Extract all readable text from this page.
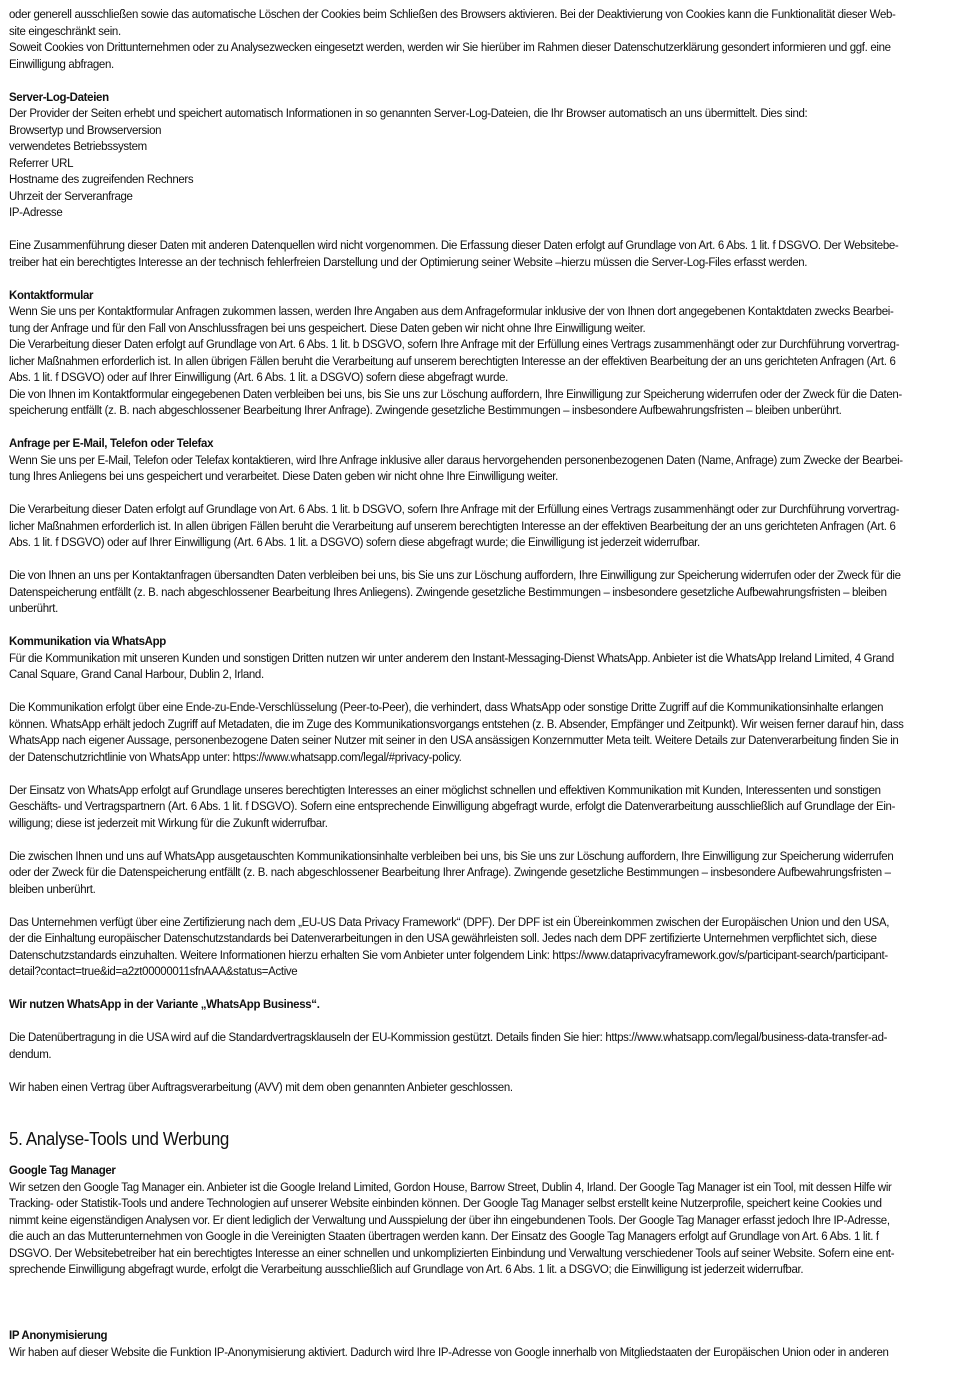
oder generell ausschließen sowie das automatische Löschen der Cookies beim Schließen des Browsers aktivieren. Bei der Deaktivierung von Cookies kann die Funktionalität dieser Web-
site eingeschränkt sein.

Soweit Cookies von Drittunternehmen oder zu Analysezwecken eingesetzt werden, werden wir Sie hierüber im Rahmen dieser Datenschutzerklärung gesondert informieren und ggf. eine
Einwilligung abfragen.

Server-Log-Dateien

Der Provider der Seiten erhebt und speichert automatisch Informationen in so genannten Server-Log-Dateien, die Ihr Browser automatisch an uns übermittelt. Dies sind:

Browsertyp und Browserversion

verwendetes Betriebssystem

Referrer URL

Hostname des zugreifenden Rechners

Uhrzeit der Serveranfrage

IP-Adresse

Eine Zusammenführung dieser Daten mit anderen Datenquellen wird nicht vorgenommen. Die Erfassung dieser Daten erfolgt auf Grundlage von Art. 6 Abs. 1 lit. f DSGVO. Der Websitebe-
treiber hat ein berechtigtes Interesse an der technisch fehlerfreien Darstellung und der Optimierung seiner Website –hierzu müssen die Server-Log-Files erfasst werden.

Kontaktformular

Wenn Sie uns per Kontaktformular Anfragen zukommen lassen, werden Ihre Angaben aus dem Anfrageformular inklusive der von Ihnen dort angegebenen Kontaktdaten zwecks Bearbei-
tung der Anfrage und für den Fall von Anschlussfragen bei uns gespeichert. Diese Daten geben wir nicht ohne Ihre Einwilligung weiter.

Die Verarbeitung dieser Daten erfolgt auf Grundlage von Art. 6 Abs. 1 lit. b DSGVO, sofern Ihre Anfrage mit der Erfüllung eines Vertrags zusammenhängt oder zur Durchführung vorvertrag-
licher Maßnahmen erforderlich ist. In allen übrigen Fällen beruht die Verarbeitung auf unserem berechtigten Interesse an der effektiven Bearbeitung der an uns gerichteten Anfragen (Art. 6
Abs. 1 lit. f DSGVO) oder auf Ihrer Einwilligung (Art. 6 Abs. 1 lit. a DSGVO) sofern diese abgefragt wurde.

Die von Ihnen im Kontaktformular eingegebenen Daten verbleiben bei uns, bis Sie uns zur Löschung auffordern, Ihre Einwilligung zur Speicherung widerrufen oder der Zweck für die Daten-
speicherung entfällt (z. B. nach abgeschlossener Bearbeitung Ihrer Anfrage). Zwingende gesetzliche Bestimmungen – insbesondere Aufbewahrungsfristen – bleiben unberührt.

Anfrage per E-Mail, Telefon oder Telefax

Wenn Sie uns per E-Mail, Telefon oder Telefax kontaktieren, wird Ihre Anfrage inklusive aller daraus hervorgehenden personenbezogenen Daten (Name, Anfrage) zum Zwecke der Bearbei-
tung Ihres Anliegens bei uns gespeichert und verarbeitet. Diese Daten geben wir nicht ohne Ihre Einwilligung weiter.

Die Verarbeitung dieser Daten erfolgt auf Grundlage von Art. 6 Abs. 1 lit. b DSGVO, sofern Ihre Anfrage mit der Erfüllung eines Vertrags zusammenhängt oder zur Durchführung vorvertrag-
licher Maßnahmen erforderlich ist. In allen übrigen Fällen beruht die Verarbeitung auf unserem berechtigten Interesse an der effektiven Bearbeitung der an uns gerichteten Anfragen (Art. 6
Abs. 1 lit. f DSGVO) oder auf Ihrer Einwilligung (Art. 6 Abs. 1 lit. a DSGVO) sofern diese abgefragt wurde; die Einwilligung ist jederzeit widerrufbar.

Die von Ihnen an uns per Kontaktanfragen übersandten Daten verbleiben bei uns, bis Sie uns zur Löschung auffordern, Ihre Einwilligung zur Speicherung widerrufen oder der Zweck für die
Datenspeicherung entfällt (z. B. nach abgeschlossener Bearbeitung Ihres Anliegens). Zwingende gesetzliche Bestimmungen – insbesondere gesetzliche Aufbewahrungsfristen – bleiben
unberührt.

Kommunikation via WhatsApp

Für die Kommunikation mit unseren Kunden und sonstigen Dritten nutzen wir unter anderem den Instant-Messaging-Dienst WhatsApp. Anbieter ist die WhatsApp Ireland Limited, 4 Grand
Canal Square, Grand Canal Harbour, Dublin 2, Irland.

Die Kommunikation erfolgt über eine Ende-zu-Ende-Verschlüsselung (Peer-to-Peer), die verhindert, dass WhatsApp oder sonstige Dritte Zugriff auf die Kommunikationsinhalte erlangen
können. WhatsApp erhält jedoch Zugriff auf Metadaten, die im Zuge des Kommunikationsvorgangs entstehen (z. B. Absender, Empfänger und Zeitpunkt). Wir weisen ferner darauf hin, dass
WhatsApp nach eigener Aussage, personenbezogene Daten seiner Nutzer mit seiner in den USA ansässigen Konzernmutter Meta teilt. Weitere Details zur Datenverarbeitung finden Sie in
der Datenschutzrichtlinie von WhatsApp unter: https://www.whatsapp.com/legal/#privacy-policy.

Der Einsatz von WhatsApp erfolgt auf Grundlage unseres berechtigten Interesses an einer möglichst schnellen und effektiven Kommunikation mit Kunden, Interessenten und sonstigen
Geschäfts- und Vertragspartnern (Art. 6 Abs. 1 lit. f DSGVO). Sofern eine entsprechende Einwilligung abgefragt wurde, erfolgt die Datenverarbeitung ausschließlich auf Grundlage der Ein-
willigung; diese ist jederzeit mit Wirkung für die Zukunft widerrufbar.

Die zwischen Ihnen und uns auf WhatsApp ausgetauschten Kommunikationsinhalte verbleiben bei uns, bis Sie uns zur Löschung auffordern, Ihre Einwilligung zur Speicherung widerrufen
oder der Zweck für die Datenspeicherung entfällt (z. B. nach abgeschlossener Bearbeitung Ihrer Anfrage). Zwingende gesetzliche Bestimmungen – insbesondere Aufbewahrungsfristen –
bleiben unberührt.

Das Unternehmen verfügt über eine Zertifizierung nach dem „EU-US Data Privacy Framework“ (DPF). Der DPF ist ein Übereinkommen zwischen der Europäischen Union und den USA,
der die Einhaltung europäischer Datenschutzstandards bei Datenverarbeitungen in den USA gewährleisten soll. Jedes nach dem DPF zertifizierte Unternehmen verpflichtet sich, diese
Datenschutzstandards einzuhalten. Weitere Informationen hierzu erhalten Sie vom Anbieter unter folgendem Link: https://www.dataprivacyframework.gov/s/participant-search/participant-
detail?contact=true&id=a2zt00000011sfnAAA&status=Active

Wir nutzen WhatsApp in der Variante „WhatsApp Business“.

Die Datenübertragung in die USA wird auf die Standardvertragsklauseln der EU-Kommission gestützt. Details finden Sie hier: https://www.whatsapp.com/legal/business-data-transfer-ad-
dendum.

Wir haben einen Vertrag über Auftragsverarbeitung (AVV) mit dem oben genannten Anbieter geschlossen.

5. Analyse-Tools und Werbung

Google Tag Manager

Wir setzen den Google Tag Manager ein. Anbieter ist die Google Ireland Limited, Gordon House, Barrow Street, Dublin 4, Irland. Der Google Tag Manager ist ein Tool, mit dessen Hilfe wir
Tracking- oder Statistik-Tools und andere Technologien auf unserer Website einbinden können. Der Google Tag Manager selbst erstellt keine Nutzerprofile, speichert keine Cookies und
nimmt keine eigenständigen Analysen vor. Er dient lediglich der Verwaltung und Ausspielung der über ihn eingebundenen Tools. Der Google Tag Manager erfasst jedoch Ihre IP-Adresse,
die auch an das Mutterunternehmen von Google in die Vereinigten Staaten übertragen werden kann. Der Einsatz des Google Tag Managers erfolgt auf Grundlage von Art. 6 Abs. 1 lit. f
DSGVO. Der Websitebetreiber hat ein berechtigtes Interesse an einer schnellen und unkomplizierten Einbindung und Verwaltung verschiedener Tools auf seiner Website. Sofern eine ent-
sprechende Einwilligung abgefragt wurde, erfolgt die Verarbeitung ausschließlich auf Grundlage von Art. 6 Abs. 1 lit. a DSGVO; die Einwilligung ist jederzeit widerrufbar.

IP Anonymisierung

Wir haben auf dieser Website die Funktion IP-Anonymisierung aktiviert. Dadurch wird Ihre IP-Adresse von Google innerhalb von Mitgliedstaaten der Europäischen Union oder in anderen
